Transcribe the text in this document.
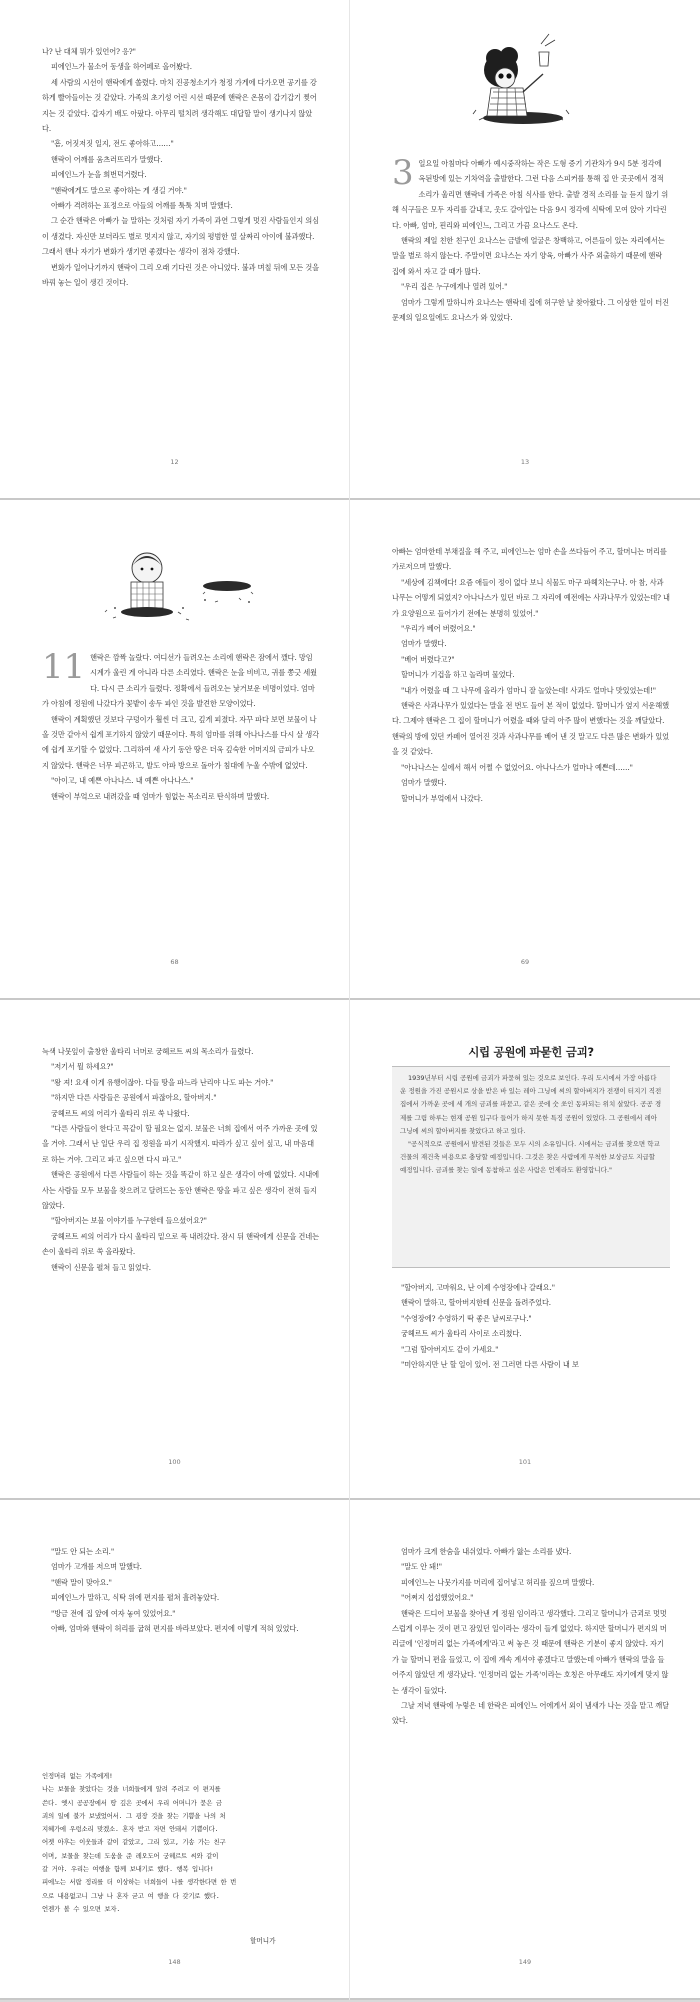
나? 난 대체 뭐가 있언어? 응?"

피에인느가 물소어 동생을 하어페로 올어봤다.

세 사람의 시선이 핸락에게 쏠렸다. 마치 진공청소기가 청정 가게에 다가오면 공기를 강하게 빨아들이는 것 같았다. 가족의 초기성 어린 시선 때문에 핸락은 온몸이 갑기갑기 찢어지는 것 같았다. 갑자기 배도 아팠다. 아무리 떨치려 생각해도 대답할 말이 생기나지 않았다.

"흠, 어짓저짓 일지, 전도 좋아하고……"

핸락이 어깨를 움츠러뜨리가 말했다.

피에인느가 눈을 희번덕거렸다.

"핸락에게도 말으로 좋아하는 게 생길 거야."

아빠가 격려하는 표정으로 아들의 어깨를 툭툭 치며 말했다.

그 순간 핸락은 아빠가 늘 말하는 것처럼 자기 가족이 과연 그렇게 멋진 사람들인지 의심이 생겼다. 자신만 보더라도 별로 멋지지 않고, 자기의 평범한 열 살짜리 아이에 불과했다. 그래서 핸나 자기가 변화가 생기면 좋겠다는 생각이 점차 강했다.

변화가 일어나기까지 핸락이 그리 오래 기다린 것은 아니었다. 불과 며칠 뒤에 모든 것을 바꿔 놓는 일이 생긴 것이다.

12
3 일요일 아침마다 아빠가 예시중작하는 작은 도형 증기 기관차가 9시 5분 정각에 옥된방에 있는 기차역을 출발한다. 그런 다음 스피커를 통해 집 안 곳곳에서 경적 소리가 울리면 핸락네 가족은 아침 식사를 한다. 출발 경적 소리를 늘 듣지 않기 위해 식구들은 모두 자리를 갈내고, 옷도 갈아입는 다음 9시 정각에 식탁에 모여 앉아 기다린다. 아빠, 엄마, 핀리와 피에인느, 그리고 가끔 요나스도 온다.

핸락의 제일 친한 친구인 요나스는 금발에 얼굴은 창백하고, 어른들이 있는 자리에서는 말을 별로 하지 않는다. 주말이면 요나스는 자기 양육, 아빠가 사주 외출하기 때문에 핸락 집에 와서 자고 갈 때가 많다.

"우리 집은 누구에게나 열려 있어."

엄마가 그렇게 말하니까 요나스는 핸락네 집에 허구한 날 찾아왔다. 그 이상한 일이 터진 문제의 일요일에도 요나스가 와 있었다.

13
11 핸락은 깜짝 놀랐다. 여디선가 들려오는 소리에 핸락은 잠에서 깼다. 망임 시계가 울린 게 아니라 다른 소리였다. 핸락은 눈을 비비고, 귀를 쫑긋 세웠다. 다시 큰 소리가 들렸다. 정확에서 들려오는 낯거보운 비명이었다. 엄마가 아침에 정원에 나갔다가 꽃밭이 송두 파인 것을 발견한 모양이었다.

핸락이 계획했던 것보다 구덩이가 훨씬 더 크고, 깊게 피졌다. 자꾸 파다 보면 보물이 나올 것만 같아서 쉽게 포기하지 않았기 때문이다. 특히 엄마를 위해 아나나스를 다시 살 생각에 쉽게 포기할 수 없었다. 그리하여 새 사기 동안 땅은 더욱 깊숙한 어머지의 금피가 나오지 않았다. 핸락은 너무 피곤하고, 발도 아파 방으로 돌아가 침대에 누울 수밖에 없었다.

"아이고, 내 예쁜 아나나스. 내 예쁜 아나나스."

핸락이 부엌으로 내려갔을 때 엄마가 힘없는 목소리로 탄식하며 말했다.

68

아빠는 엄마한테 부채질을 해 주고, 피에인느는 엄마 손을 쓰다듬어 주고, 할머니는 머리를 가로저으며 말했다.

"세상에 김책에다! 요즘 애들이 정이 없다 보니 식물도 마구 파헤치는구나. 아 참, 사과나무는 어떻게 되었지? 아나나스가 있던 바로 그 자리에 예전에는 사과나무가 있었는데? 내가 요양원으로 들어가기 전에는 분명히 있었어."

"우리가 베어 버렸어요."

엄마가 말했다.

"베어 버렸다고?"

할머니가 기겁을 하고 놀라며 물었다.

"내가 어렸을 때 그 나무에 올라가 엄마니 잘 놀았는데! 사과도 얼마나 맛있었는데!"

핸락은 사과나무가 있었다는 말을 전 번도 들어 본 적이 없었다. 할머니가 옆지 서운해했다. 그제야 핸락은 그 집이 할머니가 어렸을 때와 달리 아주 많이 변했다는 것을 깨달았다. 핸락의 방에 있던 카페어 열어진 것과 사과나무를 베어 낸 것 말고도 다른 많은 변화가 있었을 것 같았다.

"아나나스는 실에서 해서 어쩔 수 없었어요. 아나나스가 얼마나 예쁜데……"

엄마가 말했다.

할머니가 부엌에서 나갔다.

69

늑색 나뭇잎이 출창한 울타리 너머로 궁헤르트 씨의 목소리가 들렸다.

"저기서 뭘 하세요?"

"왕 져! 요새 이게 유행이잖아. 다들 땅을 파느라 난리야 나도 파는 거야."

"하지만 다른 사람들은 공원에서 파잖아요, 할아버지."

궁헤르트 씨의 어리가 울타리 위로 쑥 나왔다.

"다른 사람들이 한다고 꼭같이 할 필요는 없지. 보물은 너희 집에서 여주 가까운 곳에 있을 거야. 그래서 난 일단 우리 집 정원을 파기 시작했지. 따라가 싶고 싶어 싶고, 내 마음대로 하는 거야. 그리고 파고 싶으면 다시 파고."

핸락은 공원에서 다른 사람들이 하는 것을 똑같이 하고 싶은 생각이 아예 없었다. 시내에 사는 사람들 모두 보물을 찾으려고 달려드는 동안 핸락은 땅을 파고 싶은 생각이 전혀 들지 않았다.

"할아버지는 보물 이야기를 누구한테 들으셨어요?"

궁헤르트 씨의 어리가 다시 울타리 밑으로 푹 내려갔다. 잠시 뒤 핸락에게 신문을 건네는 손이 울타리 위로 쑥 올라왔다.

핸락이 신문을 펼쳐 들고 읽었다.

100
시립 공원에 파묻힌 금괴?

1939년부터 시립 공원에 금괴가 파묻혀 있는 것으로 보인다. 우리 도시에서 가장 아름다운 정원을 가진 공원시로 상을 받은 바 있는 레아 그닝에 씨의 할아버지가 전쟁이 터지기 직전 집에서 가까운 곳에 세 개의 금괴를 파묻고, 같은 곳에 숫 쏘인 동파되는 위치 살았다. 공공 경제를 그림 하루는 현재 공원 입구다 들어가 하지 못한 특징 공원이 있었다. 그 공원에서 레아 그닝에 씨의 할아버지를 찾았다고 하고 있다.

"공식적으로 공원에서 발견된 것들은 모두 시의 소유입니다. 시에서는 금괴를 찾으면 학교 건물의 재건축 비용으로 충당할 예정입니다. 그것은 찾은 사람에게 무척한 보상금도 지급할 예정입니다. 금괴를 찾는 일에 동참하고 싶은 사람은 언제라도 환영합니다."

"할아버지, 고마워요, 난 이제 수영장에나 갈래요."

핸락이 말하고, 할아버지한테 신문을 돌려주었다.

"수영장에? 수영하기 딱 좋은 날씨로구나."

궁헤르트 씨가 울타리 사이로 소리쳤다.

"그럼 할아버지도 같이 가세요."

"미안하지만 난 할 일이 있어. 전 그러면 다른 사람이 내 보

101

"말도 안 되는 소리."

엄마가 고개를 저으며 말했다.

"핸락 말이 맞아요."

피에인느가 말하고, 식탁 위에 편지를 펼쳐 흘려놓았다.

"방금 전에 집 앞에 여자 놓여 있었어요."

아빠, 엄마와 핸락이 허리를 굽혀 편지를 바라보았다. 편지에 이렇게 적혀 있었다.

인정머리 없는 가족에게!
나는 보물을 찾았다는 것을 너희들에게 알려 주려고 이 편지를
쓴다. 옛시 공공장에서 땅 깊은 곳에서 우리 어머니가 묻은 금
괴의 일에 불가 보냈었어서. 그 굉장 것을 찾는 기쁨을 나의 처
지혜가에 우렁소리 맞겠소. 혼자 받고 자면 안돼서 기쁨이다.
어젯 아후는 이웃들과 같이 같았고, 그리 있고, 기송 가는 친구
이며, 보물을 찾는데 도움을 준 레오도어 궁헤르트 씨와 같이
갈 거야. 우리는 여행을 함께 보내기로 했다. 행복 입니다!
피에노는 서랍 정리를 더 이상하는 너희들이 나를 생각한다면 한 번
으로 내용없고니 그냥 나 혼자 굳고 여 행을 다 갖기로 했다.
언젠가 볼 수 있으면 보자.
할머니가
148

엄마가 크게 한숨을 내쉬었다. 아빠가 앓는 소리를 냈다.

"말도 안 돼!"

피에인느는 나뭇가지를 머리에 집어넣고 허리를 짚으며 말했다.

"어쩌지 섭섭했었어요."

핸락은 드디어 보물을 찾아낸 게 정원 임이라고 생각했다. 그리고 할머니가 금괴로 멋멋스럽게 이루는 것이 편고 잠있던 일이라는 생각이 들게 없었다. 하지만 할머니가 편지의 머리글에 '인정머리 없는 가족에게'라고 써 놓은 것 때문에 핸락은 기분이 좋지 않았다. 자기가 늘 할머니 편을 들었고, 이 집에 계속 계셔야 좋겠다고 말했는데 아빠가 핸락의 말을 들어주지 않았던 게 생각났다. '인정머리 없는 가족'이라는 호칭은 아무래도 자기에게 맞지 않는 생각이 들었다.

그날 저녁 핸락에 누렇은 네 한락은 피에인느 어에게서 외이 냄새가 나는 것을 맡고 깨달았다.

149
